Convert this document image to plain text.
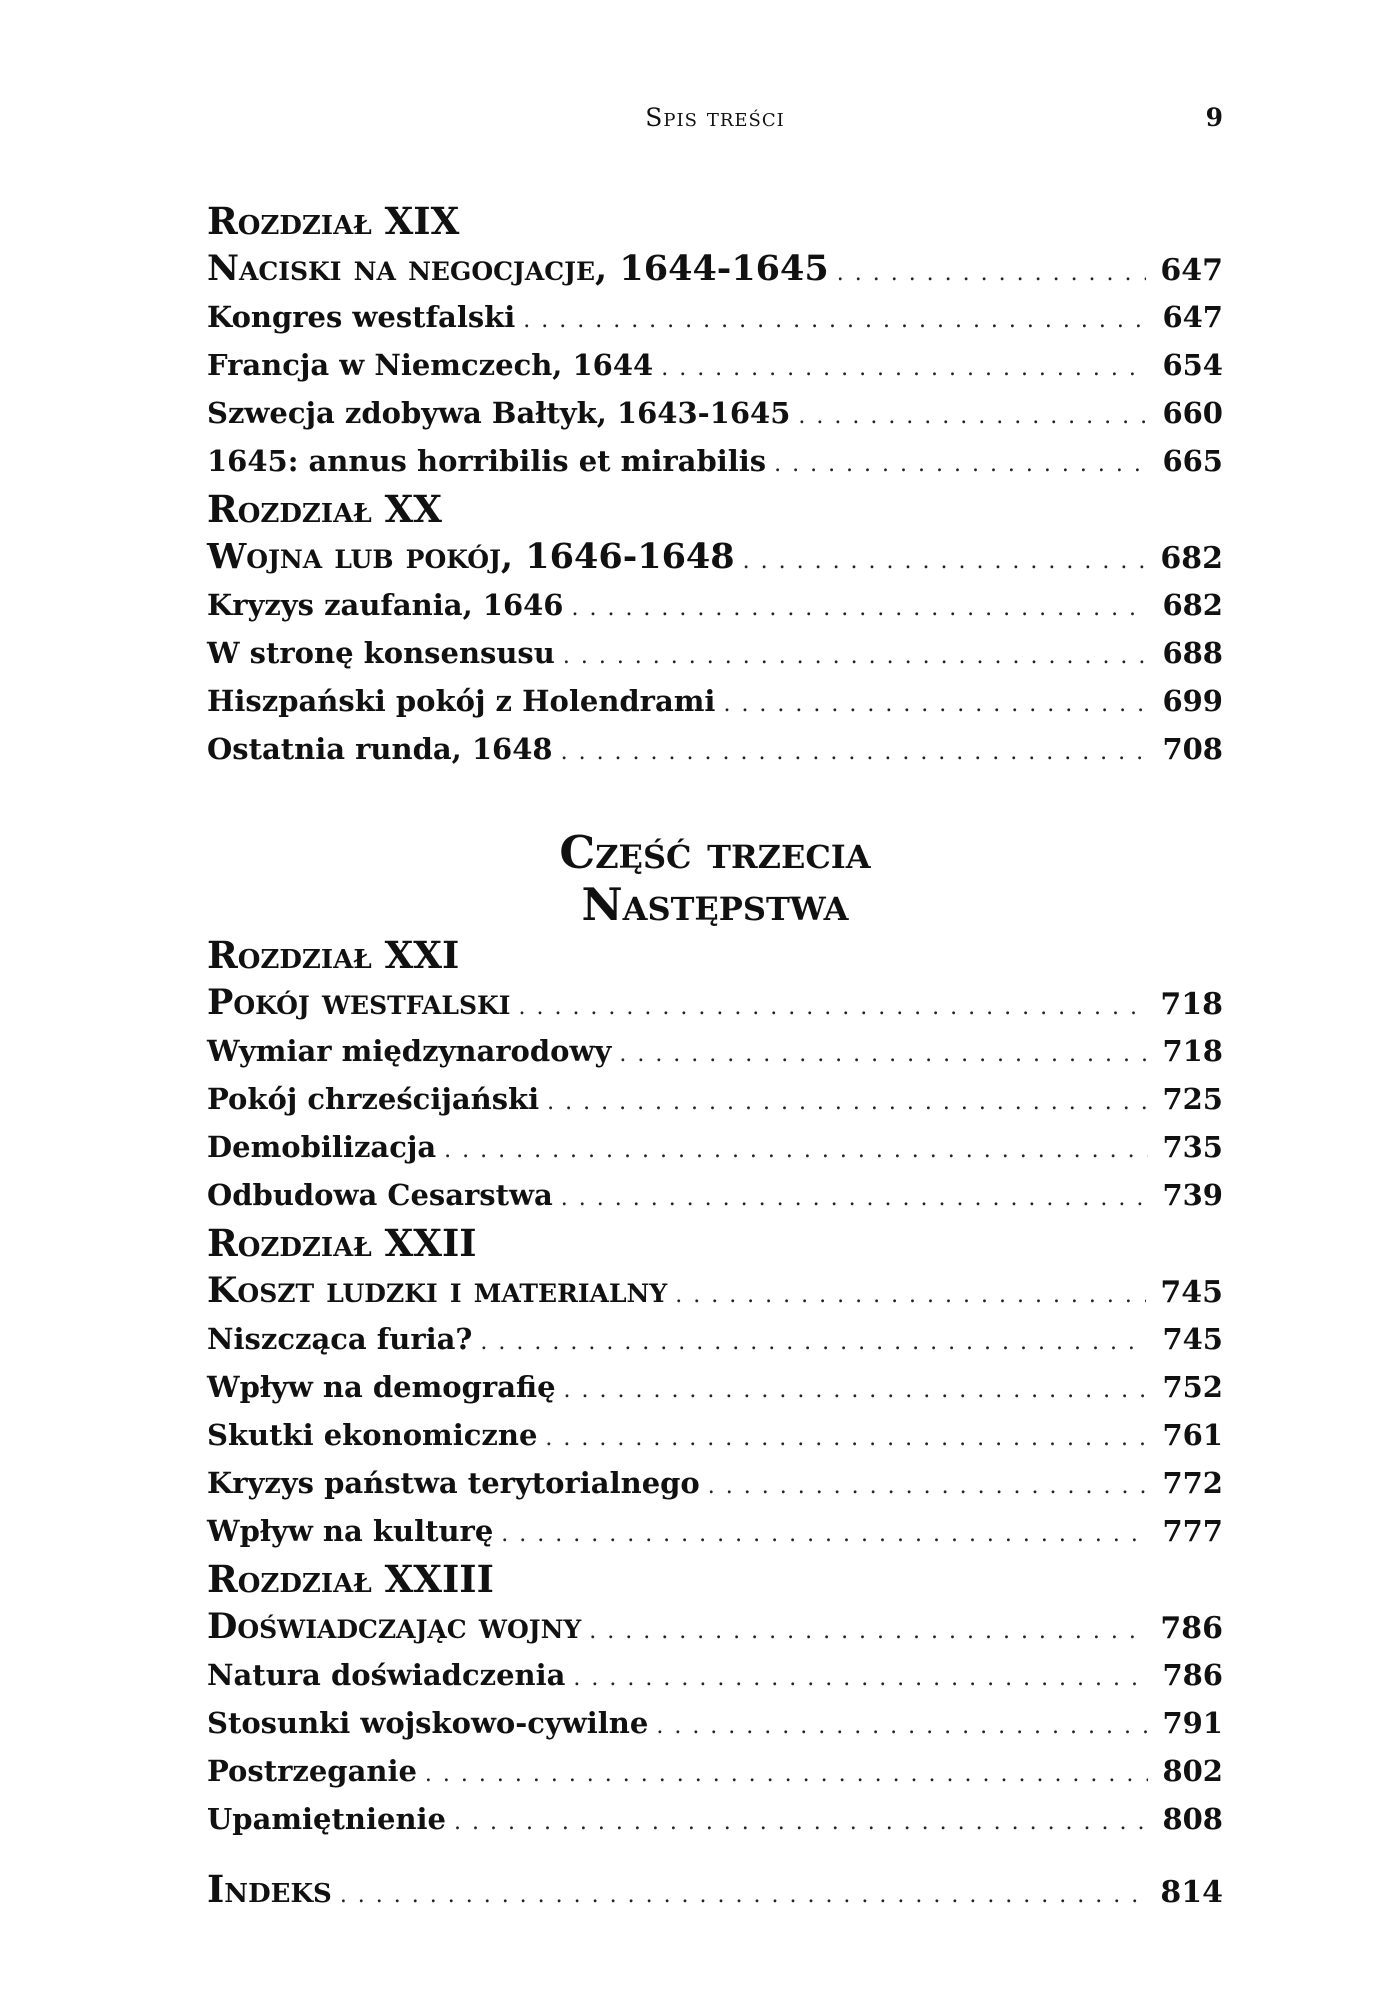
Spis treści	9
Rozdział XIX
Naciski na negocjacje, 1644-1645 . . .	647
Kongres westfalski . . .	647
Francja w Niemczech, 1644 . . .	654
Szwecja zdobywa Bałtyk, 1643-1645 . . .	660
1645: annus horribilis et mirabilis . . .	665
Rozdział XX
Wojna lub pokój, 1646-1648 . . .	682
Kryzys zaufania, 1646 . . .	682
W stronę konsensusu . . .	688
Hiszpański pokój z Holendrami . . .	699
Ostatnia runda, 1648 . . .	708
Część trzecia
Następstwa
Rozdział XXI
Pokój westfalski . . .	718
Wymiar międzynarodowy . . .	718
Pokój chrześcijański . . .	725
Demobilizacja . . .	735
Odbudowa Cesarstwa . . .	739
Rozdział XXII
Koszt ludzki i materialny . . .	745
Niszcząca furia? . . .	745
Wpływ na demografię . . .	752
Skutki ekonomiczne . . .	761
Kryzys państwa terytorialnego . . .	772
Wpływ na kulturę . . .	777
Rozdział XXIII
Doświadczając wojny . . .	786
Natura doświadczenia . . .	786
Stosunki wojskowo-cywilne . . .	791
Postrzeganie . . .	802
Upamiętnienie . . .	808
Indeks . . .	814
